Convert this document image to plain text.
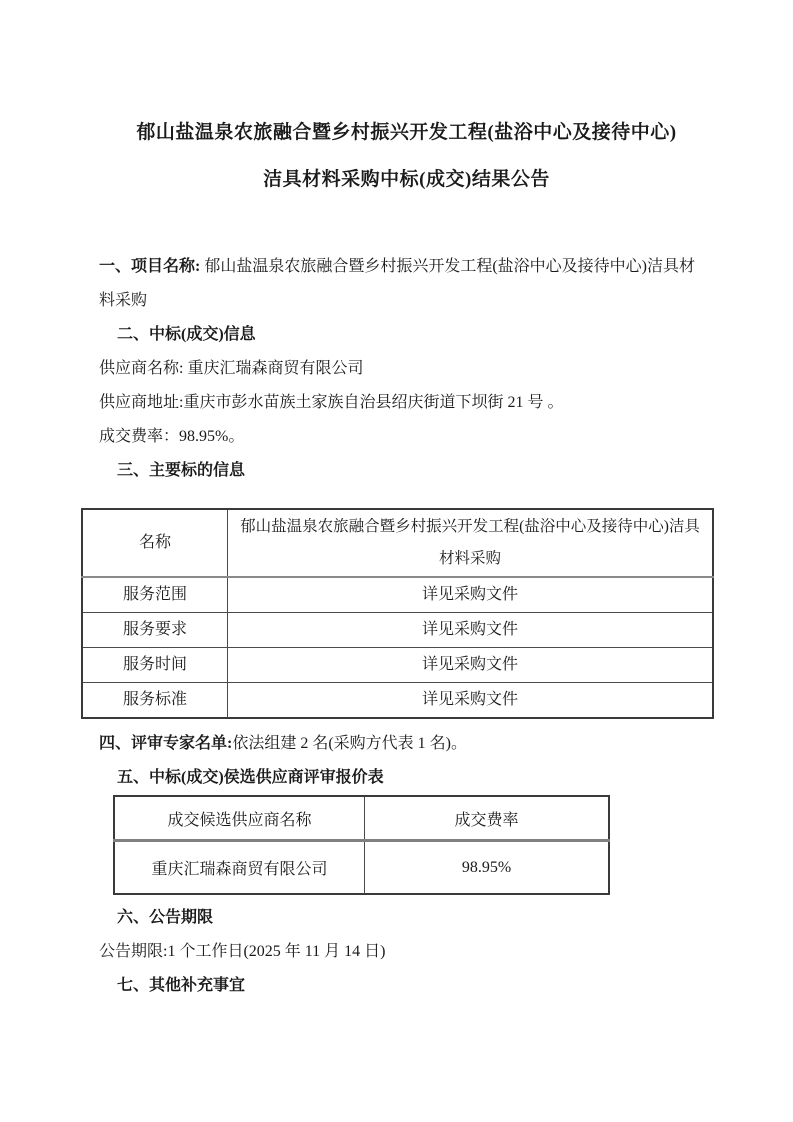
郁山盐温泉农旅融合暨乡村振兴开发工程(盐浴中心及接待中心)
洁具材料采购中标(成交)结果公告

一、项目名称: 郁山盐温泉农旅融合暨乡村振兴开发工程(盐浴中心及接待中心)洁具材料采购

二、中标(成交)信息

供应商名称: 重庆汇瑞森商贸有限公司

供应商地址:重庆市彭水苗族土家族自治县绍庆街道下坝街 21 号 。

成交费率：98.95%。

三、主要标的信息

名称	郁山盐温泉农旅融合暨乡村振兴开发工程(盐浴中心及接待中心)洁具材料采购
服务范围	详见采购文件
服务要求	详见采购文件
服务时间	详见采购文件
服务标准	详见采购文件

四、评审专家名单:依法组建 2 名(采购方代表 1 名)。

五、中标(成交)侯选供应商评审报价表

成交候选供应商名称	成交费率
重庆汇瑞森商贸有限公司	98.95%

六、公告期限

公告期限:1 个工作日(2025 年 11 月 14 日)

七、其他补充事宜
